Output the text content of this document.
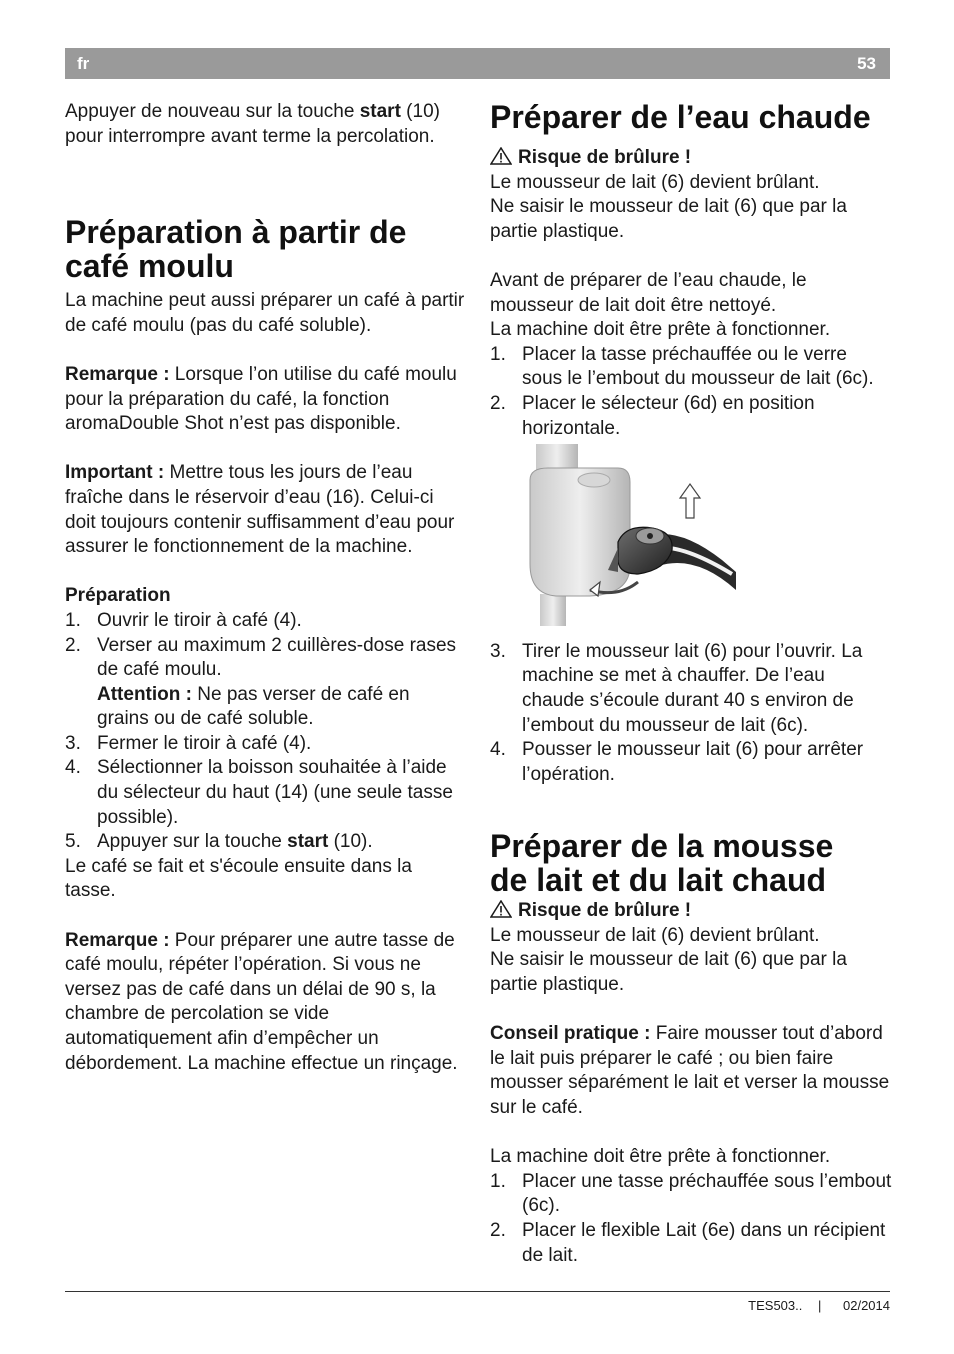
fr	53

Appuyer de nouveau sur la touche start (10) pour interrompre avant terme la percolation.

Préparation à partir de
café moulu

La machine peut aussi préparer un café à partir de café moulu (pas du café soluble).

Remarque : Lorsque l’on utilise du café moulu pour la préparation du café, la fonction aromaDouble Shot n’est pas disponible.

Important : Mettre tous les jours de l’eau fraîche dans le réservoir d’eau (16). Celui-ci doit toujours contenir suffisamment d’eau pour assurer le fonctionnement de la machine.

Préparation

1. Ouvrir le tiroir à café (4).
2. Verser au maximum 2 cuillères-dose rases de café moulu.
Attention : Ne pas verser de café en grains ou de café soluble.
3. Fermer le tiroir à café (4).
4. Sélectionner la boisson souhaitée à l’aide du sélecteur du haut (14) (une seule tasse possible).
5. Appuyer sur la touche start (10).

Le café se fait et s'écoule ensuite dans la tasse.

Remarque : Pour préparer une autre tasse de café moulu, répéter l’opération. Si vous ne versez pas de café dans un délai de 90 s, la chambre de percolation se vide automatiquement afin d’empêcher un débordement. La machine effectue un rinçage.

Préparer de l’eau chaude

Risque de brûlure !

Le mousseur de lait (6) devient brûlant.

Ne saisir le mousseur de lait (6) que par la partie plastique.

Avant de préparer de l’eau chaude, le mousseur de lait doit être nettoyé.

La machine doit être prête à fonctionner.

1. Placer la tasse préchauffée ou le verre sous le l’embout du mousseur de lait (6c).
2. Placer le sélecteur (6d) en position horizontale.
3. Tirer le mousseur lait (6) pour l’ouvrir. La machine se met à chauffer. De l’eau chaude s’écoule durant 40 s environ de l’embout du mousseur de lait (6c).
4. Pousser le mousseur lait (6) pour arrêter l’opération.
Préparer de la mousse
de lait et du lait chaud

Risque de brûlure !

Le mousseur de lait (6) devient brûlant.

Ne saisir le mousseur de lait (6) que par la partie plastique.

Conseil pratique : Faire mousser tout d’abord le lait puis préparer le café ; ou bien faire mousser séparément le lait et verser la mousse sur le café.

La machine doit être prête à fonctionner.

1. Placer une tasse préchauffée sous l’embout (6c).
2. Placer le flexible Lait (6e) dans un récipient de lait.
TES503.. | 02/2014
